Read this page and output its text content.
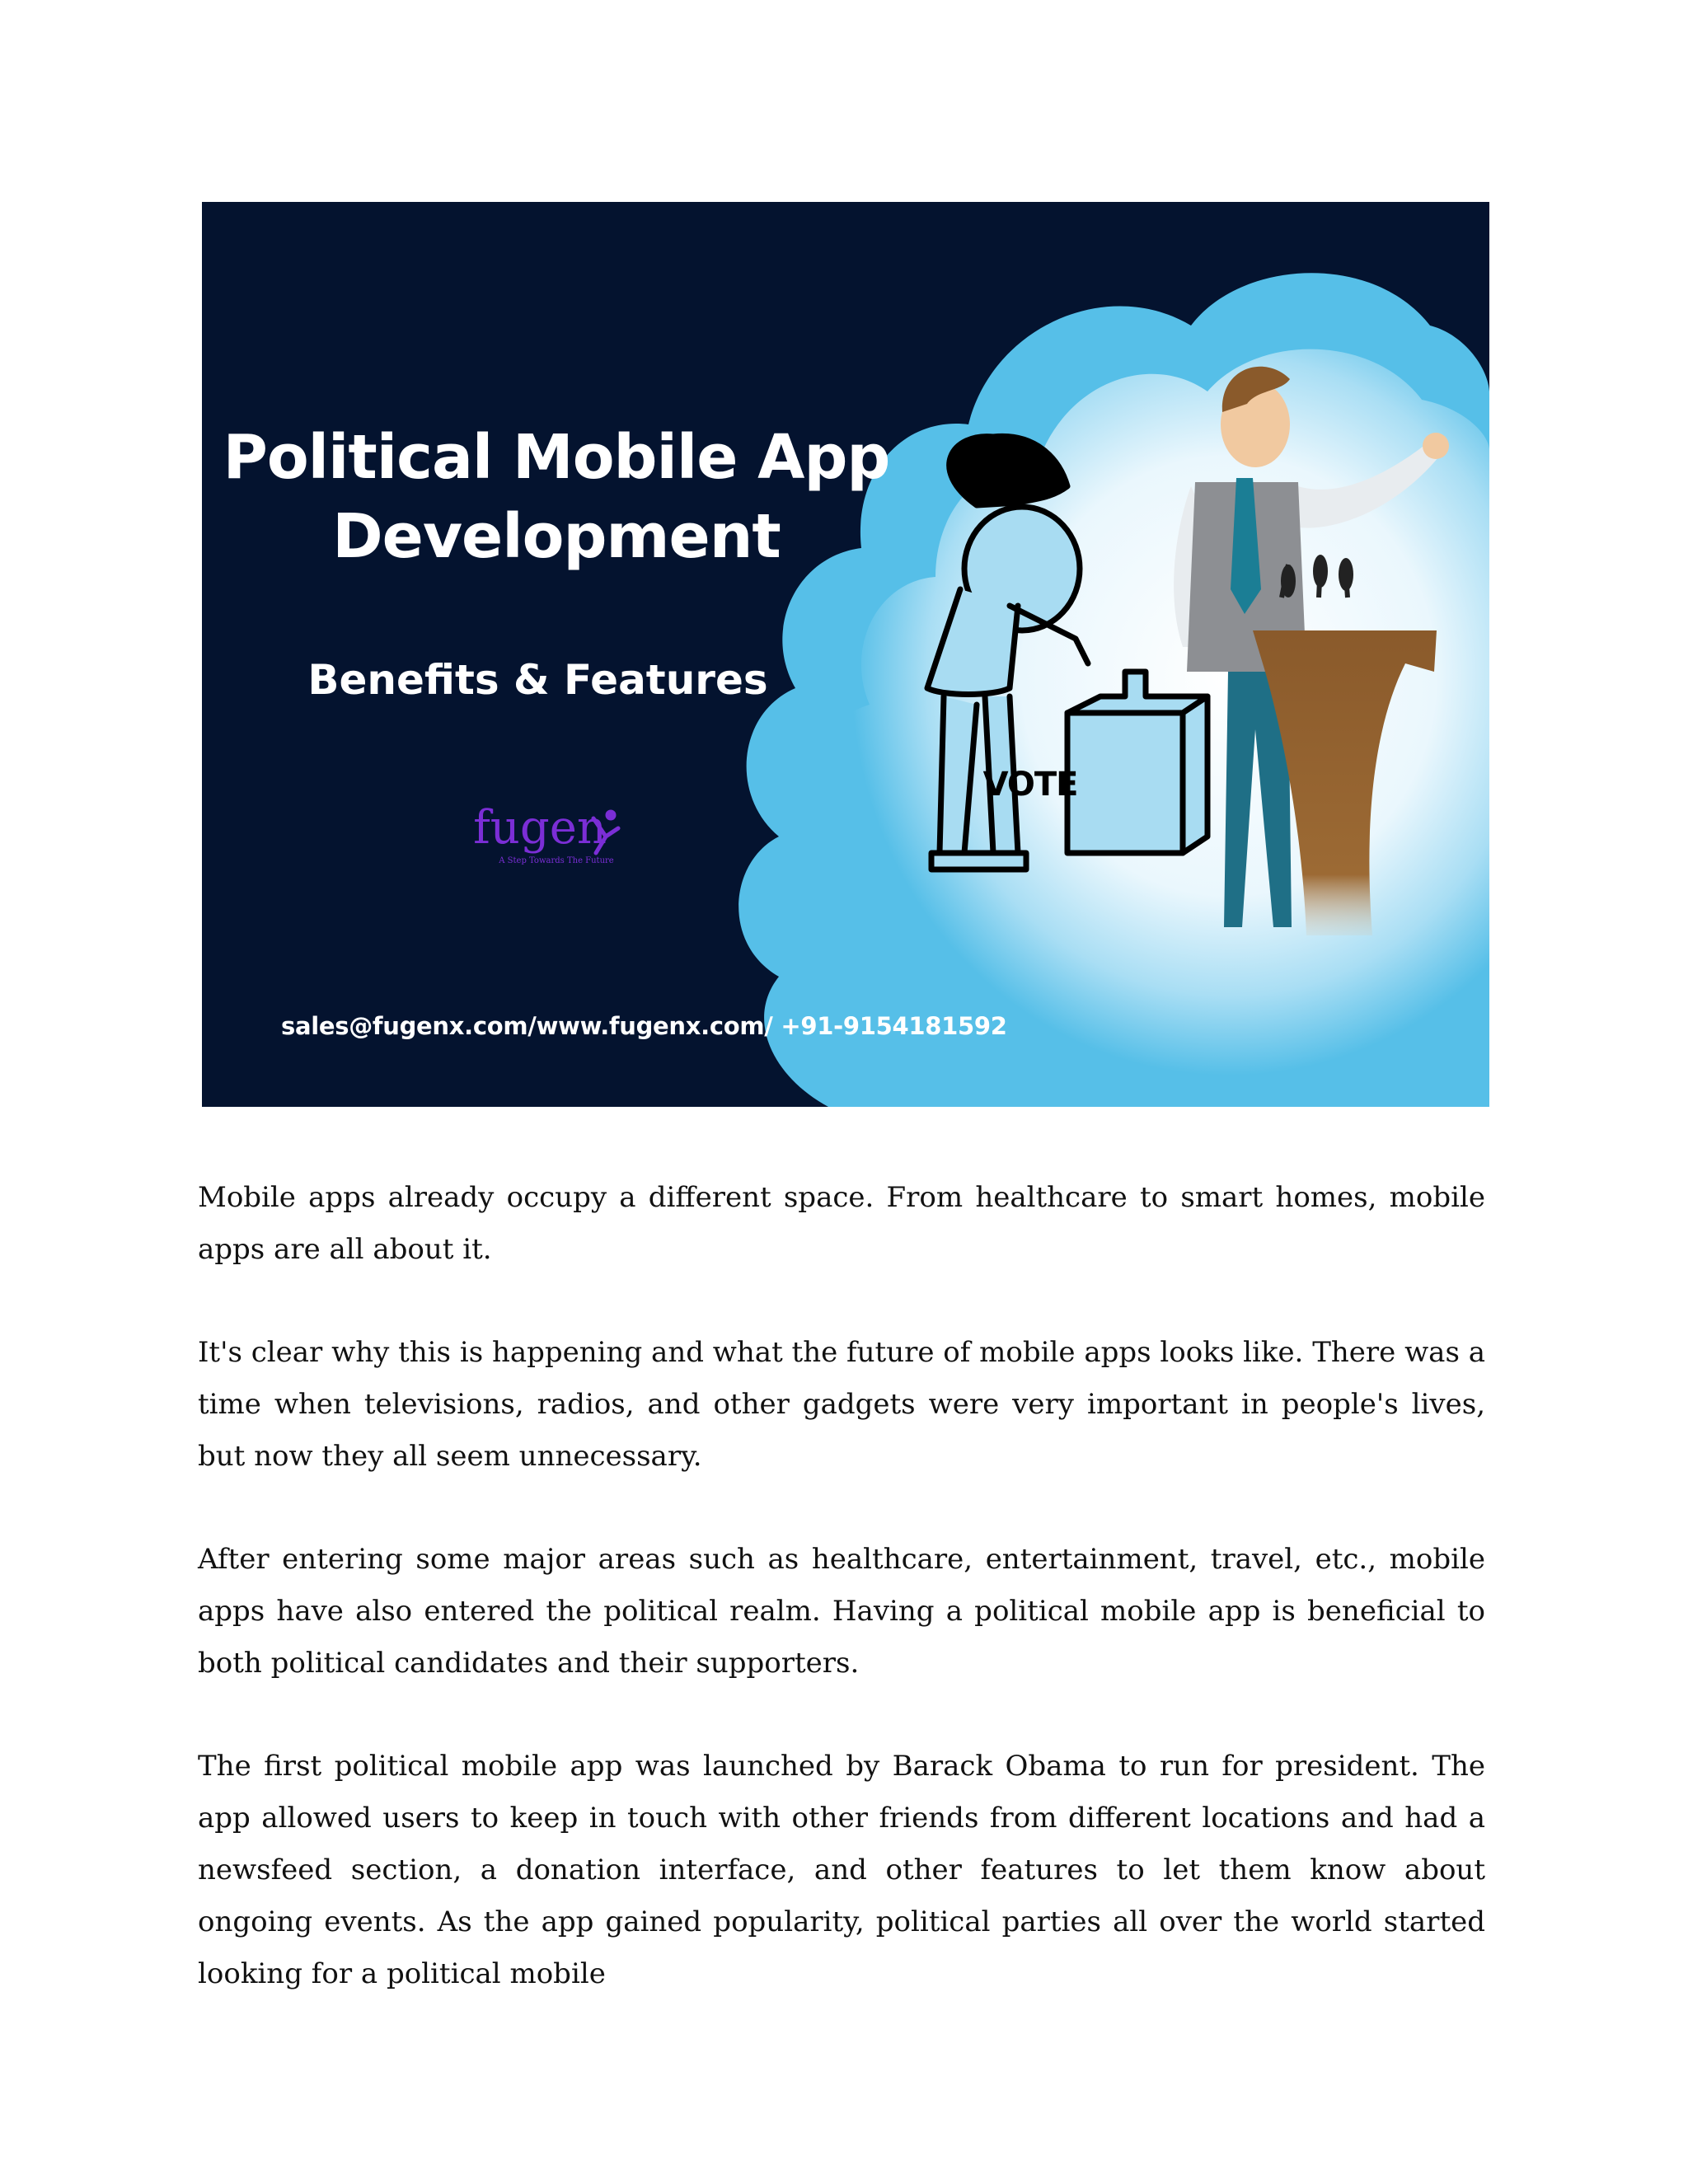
Political Mobile App
Development
Benefits & Features
fugen
A Step Towards The Future
VOTE
sales@fugenx.com/www.fugenx.com/ +91-9154181592

Mobile apps already occupy a different space. From healthcare to smart homes, mobile apps are all about it.

It's clear why this is happening and what the future of mobile apps looks like. There was a time when televisions, radios, and other gadgets were very important in people's lives, but now they all seem unnecessary.

After entering some major areas such as healthcare, entertainment, travel, etc., mobile apps have also entered the political realm. Having a political mobile app is beneficial to both political candidates and their supporters.

The first political mobile app was launched by Barack Obama to run for president. The app allowed users to keep in touch with other friends from different locations and had a newsfeed section, a donation interface, and other features to let them know about ongoing events. As the app gained popularity, political parties all over the world started looking for a political mobile
